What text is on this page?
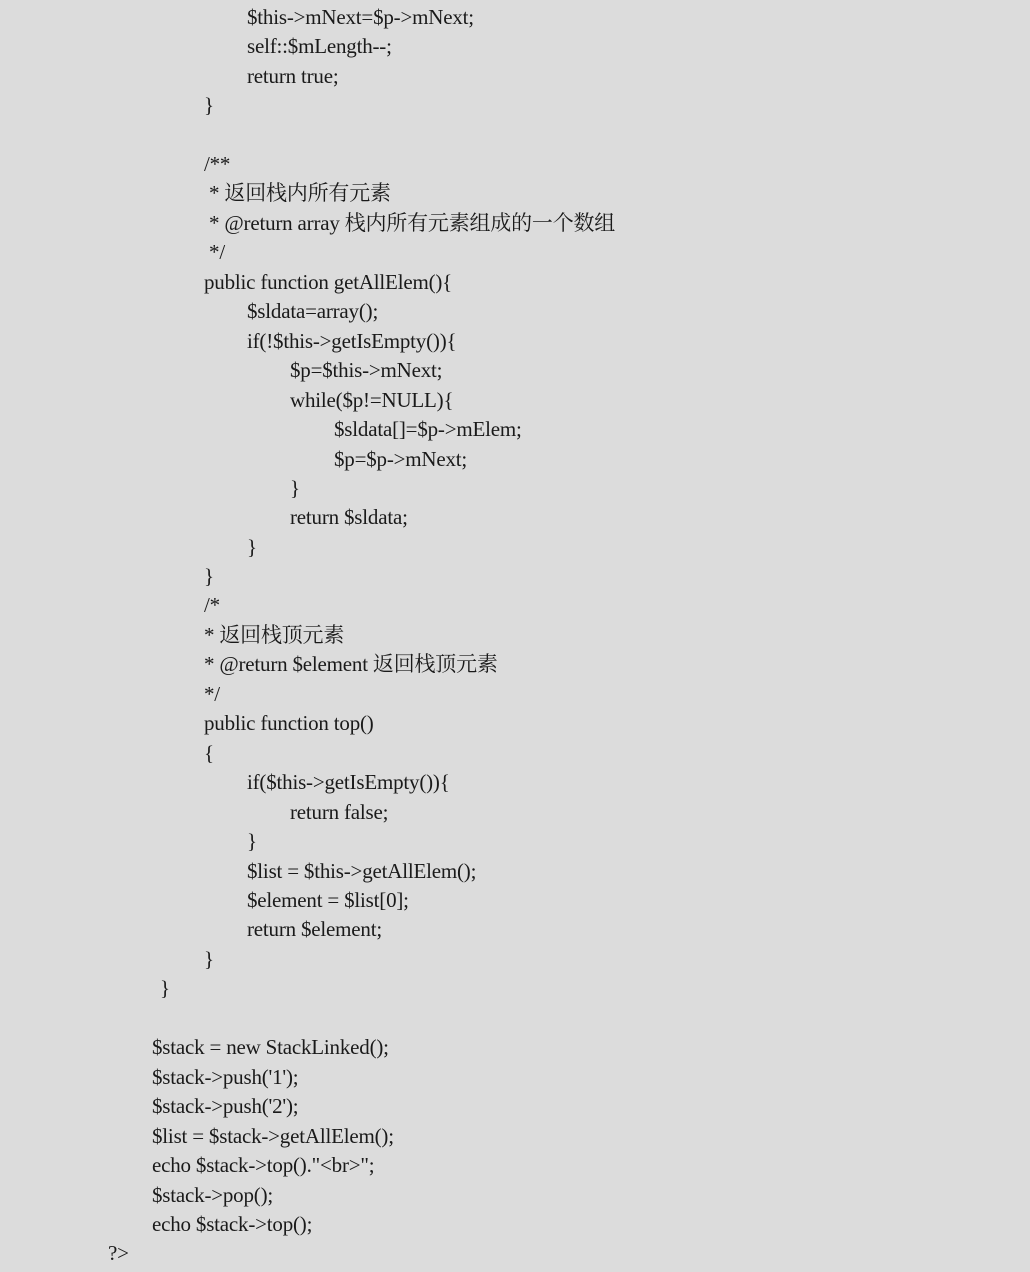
$this->mNext=$p->mNext;
self::$mLength--;
return true;
}
/**
* 返回栈内所有元素
* @return array 栈内所有元素组成的一个数组
*/
public function getAllElem(){
$sldata=array();
if(!$this->getIsEmpty()){
$p=$this->mNext;
while($p!=NULL){
$sldata[]=$p->mElem;
$p=$p->mNext;
}
return $sldata;
}
}
/*
* 返回栈顶元素
* @return $element 返回栈顶元素
*/
public function top()
{
if($this->getIsEmpty()){
return false;
}
$list = $this->getAllElem();
$element = $list[0];
return $element;
}
}
$stack = new StackLinked();
$stack->push('1');
$stack->push('2');
$list = $stack->getAllElem();
echo $stack->top()."<br>";
$stack->pop();
echo $stack->top();
?>
